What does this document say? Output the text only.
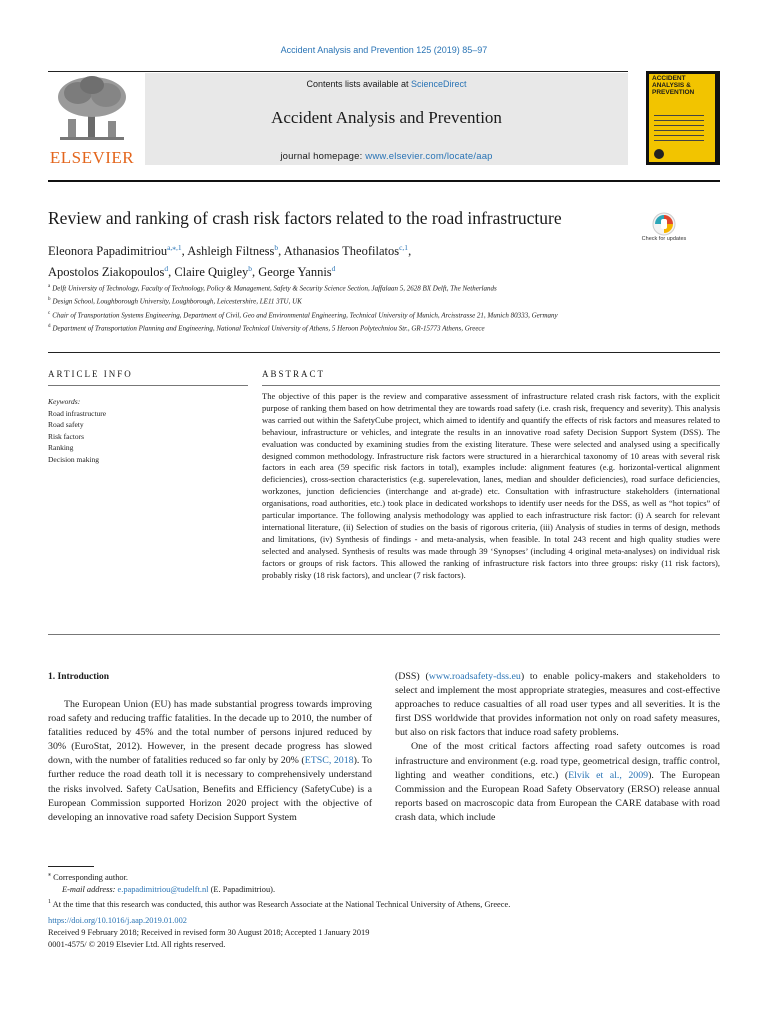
Accident Analysis and Prevention 125 (2019) 85–97
ELSEVIER
Contents lists available at ScienceDirect
Accident Analysis and Prevention
journal homepage: www.elsevier.com/locate/aap
ACCIDENT ANALYSIS & PREVENTION
Review and ranking of crash risk factors related to the road infrastructure
Check for updates
Eleonora Papadimitriou$^{a,⁎,1}$, Ashleigh Filtness$^b$, Athanasios Theofilatos$^{c,1}$,
Apostolos Ziakopoulos$^d$, Claire Quigley$^b$, George Yannis$^d$
$^a$ Delft University of Technology, Faculty of Technology, Policy & Management, Safety & Security Science Section, Jaffalaan 5, 2628 BX Delft, The Netherlands
$^b$ Design School, Loughborough University, Loughborough, Leicestershire, LE11 3TU, UK
$^c$ Chair of Transportation Systems Engineering, Department of Civil, Geo and Environmental Engineering, Technical University of Munich, Arcisstrasse 21, Munich 80333, Germany
$^d$ Department of Transportation Planning and Engineering, National Technical University of Athens, 5 Heroon Polytechniou Str., GR-15773 Athens, Greece
ARTICLE INFO	ABSTRACT
Keywords:
Road infrastructure
Road safety
Risk factors
Ranking
Decision making
The objective of this paper is the review and comparative assessment of infrastructure related crash risk factors, with the explicit purpose of ranking them based on how detrimental they are towards road safety (i.e. crash risk, frequency and severity). This analysis was carried out within the SafetyCube project, which aimed to identify and quantify the effects of risk factors and measures related to behaviour, infrastructure or vehicles, and integrate the results in an innovative road safety Decision Support System (DSS). The evaluation was conducted by examining studies from the existing literature. These were selected and analysed using a specifically designed common methodology. Infrastructure risk factors were structured in a hierarchical taxonomy of 10 areas with several risk factors in each area (59 specific risk factors in total), examples include: alignment features (e.g. horizontal-vertical alignment deficiencies), cross-section characteristics (e.g. superelevation, lanes, median and shoulder deficiencies), road surface deficiencies, workzones, junction deficiencies (interchange and at-grade) etc. Consultation with infrastructure stakeholders (international organisations, road authorities, etc.) took place in dedicated workshops to identify user needs for the DSS, as well as “hot topics” of particular importance. The following analysis methodology was applied to each infrastructure risk factor: (i) A search for relevant international literature, (ii) Selection of studies on the basis of rigorous criteria, (iii) Analysis of studies in terms of design, methods and limitations, (iv) Synthesis of findings - and meta-analysis, when feasible. In total 243 recent and high quality studies were selected and analysed. Synthesis of results was made through 39 ‘Synopses’ (including 4 original meta-analyses) on individual risk factors or groups of risk factors. This allowed the ranking of infrastructure risk factors into three groups: risky (11 risk factors), probably risky (18 risk factors), and unclear (7 risk factors).
1. Introduction

The European Union (EU) has made substantial progress towards improving road safety and reducing traffic fatalities. In the decade up to 2010, the number of fatalities reduced by 45% and the total number of persons injured reduced by 30% (EuroStat, 2012). However, in the present decade progress has slowed down, with the number of fatalities reduced so far only by 20% (ETSC, 2018). To further reduce the road death toll it is necessary to comprehensively understand the risks involved. Safety CaUsation, Benefits and Efficiency (SafetyCube) is a European Commission supported Horizon 2020 project with the objective of developing an innovative road safety Decision Support System

(DSS) (www.roadsafety-dss.eu) to enable policy-makers and stakeholders to select and implement the most appropriate strategies, measures and cost-effective approaches to reduce casualties of all road user types and all severities. It is the first DSS worldwide that provides information not only on road safety measures, but also on risk factors that induce road safety problems.

One of the most critical factors affecting road safety outcomes is road infrastructure and environment (e.g. road type, geometrical design, traffic control, lighting and weather conditions, etc.) (Elvik et al., 2009). The European Commission and the European Road Safety Observatory (ERSO) release annual reports based on macroscopic data from European the CARE database with road crash data, which include

⁎ Corresponding author.
E-mail address: e.papadimitriou@tudelft.nl (E. Papadimitriou).
$^1$ At the time that this research was conducted, this author was Research Associate at the National Technical University of Athens, Greece.
https://doi.org/10.1016/j.aap.2019.01.002
Received 9 February 2018; Received in revised form 30 August 2018; Accepted 1 January 2019
0001-4575/ © 2019 Elsevier Ltd. All rights reserved.
